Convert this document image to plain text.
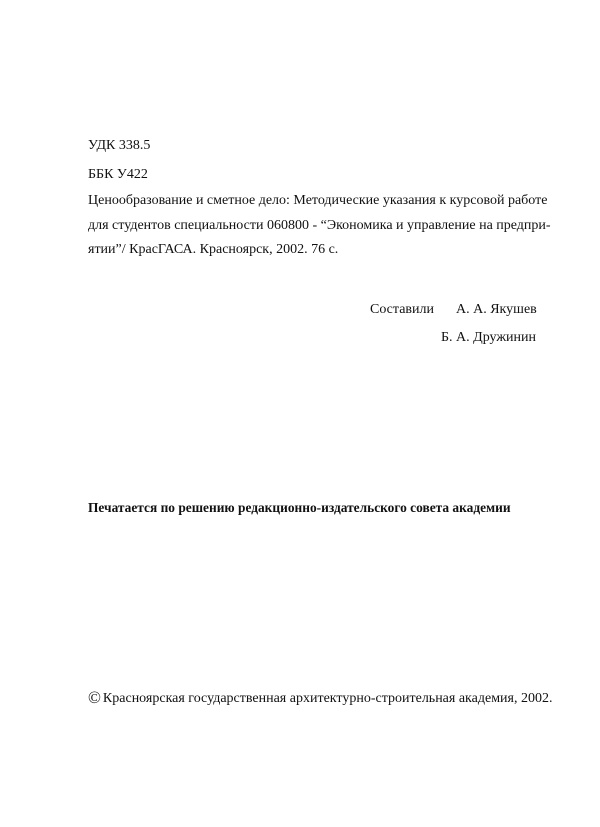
УДК 338.5
ББК У422
Ценообразование и сметное дело: Методические указания к курсовой работе
для студентов специальности 060800 - “Экономика и управление на предпри-
ятии”/ КрасГАСА. Красноярск, 2002. 76 с.
Составили А. А. Якушев
Б. А. Дружинин
Печатается по решению редакционно-издательского совета академии
© Красноярская государственная архитектурно-строительная академия, 2002.
